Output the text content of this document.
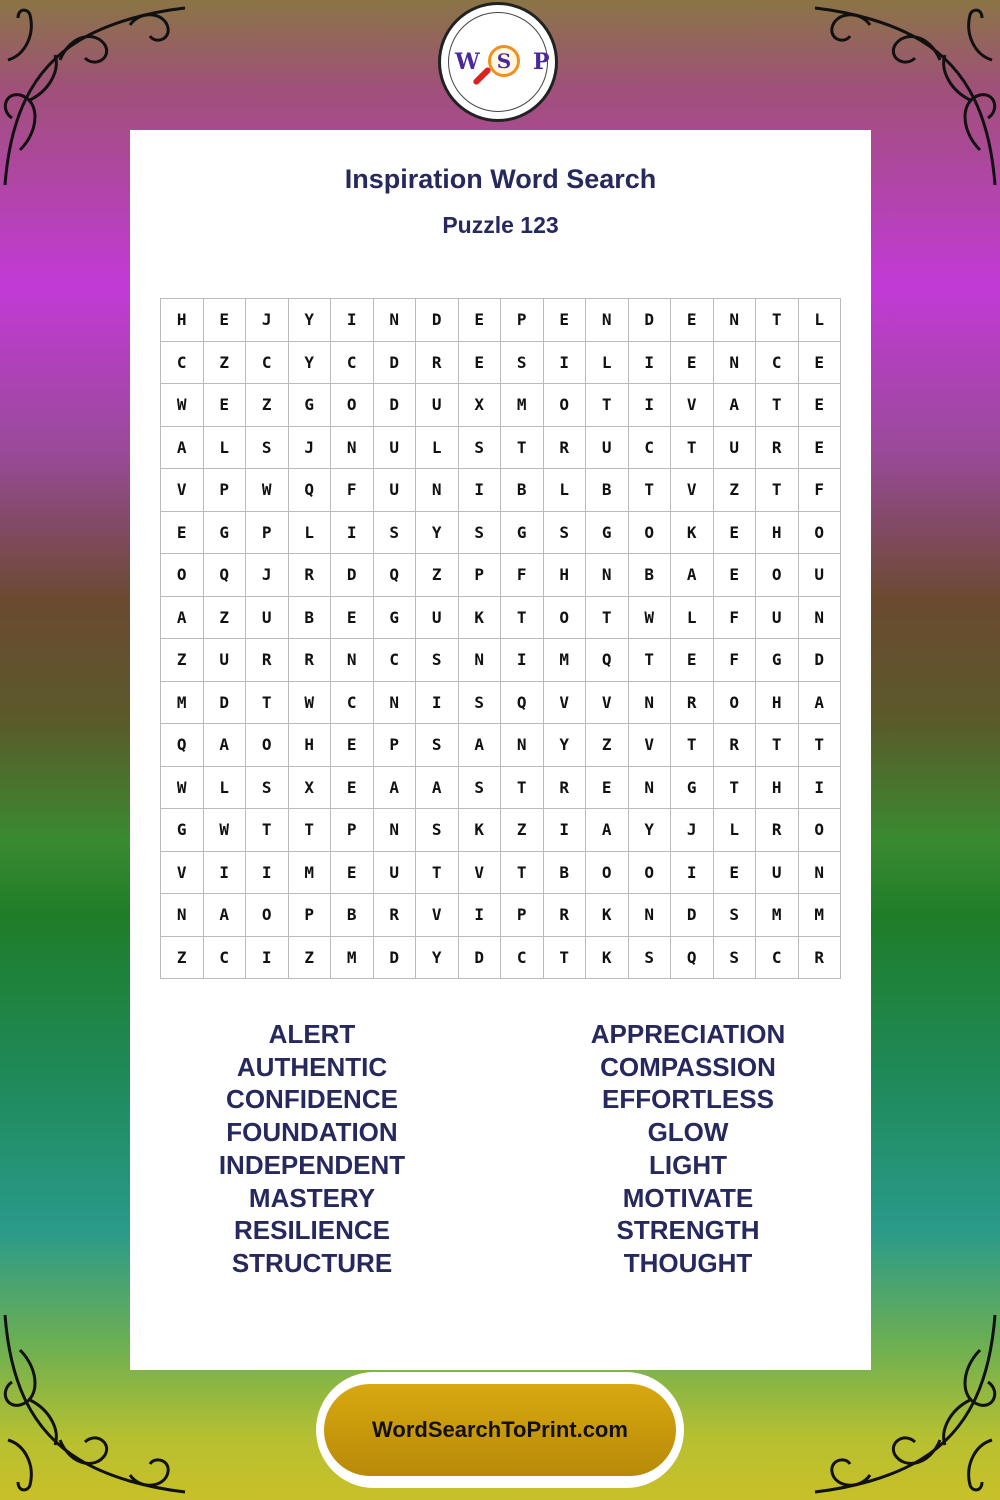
W S P
Inspiration Word Search
Puzzle 123
H	E	J	Y	I	N	D	E	P	E	N	D	E	N	T	L
C	Z	C	Y	C	D	R	E	S	I	L	I	E	N	C	E
W	E	Z	G	O	D	U	X	M	O	T	I	V	A	T	E
A	L	S	J	N	U	L	S	T	R	U	C	T	U	R	E
V	P	W	Q	F	U	N	I	B	L	B	T	V	Z	T	F
E	G	P	L	I	S	Y	S	G	S	G	O	K	E	H	O
O	Q	J	R	D	Q	Z	P	F	H	N	B	A	E	O	U
A	Z	U	B	E	G	U	K	T	O	T	W	L	F	U	N
Z	U	R	R	N	C	S	N	I	M	Q	T	E	F	G	D
M	D	T	W	C	N	I	S	Q	V	V	N	R	O	H	A
Q	A	O	H	E	P	S	A	N	Y	Z	V	T	R	T	T
W	L	S	X	E	A	A	S	T	R	E	N	G	T	H	I
G	W	T	T	P	N	S	K	Z	I	A	Y	J	L	R	O
V	I	I	M	E	U	T	V	T	B	O	O	I	E	U	N
N	A	O	P	B	R	V	I	P	R	K	N	D	S	M	M
Z	C	I	Z	M	D	Y	D	C	T	K	S	Q	S	C	R
ALERT
AUTHENTIC
CONFIDENCE
FOUNDATION
INDEPENDENT
MASTERY
RESILIENCE
STRUCTURE
APPRECIATION
COMPASSION
EFFORTLESS
GLOW
LIGHT
MOTIVATE
STRENGTH
THOUGHT
WordSearchToPrint.com
